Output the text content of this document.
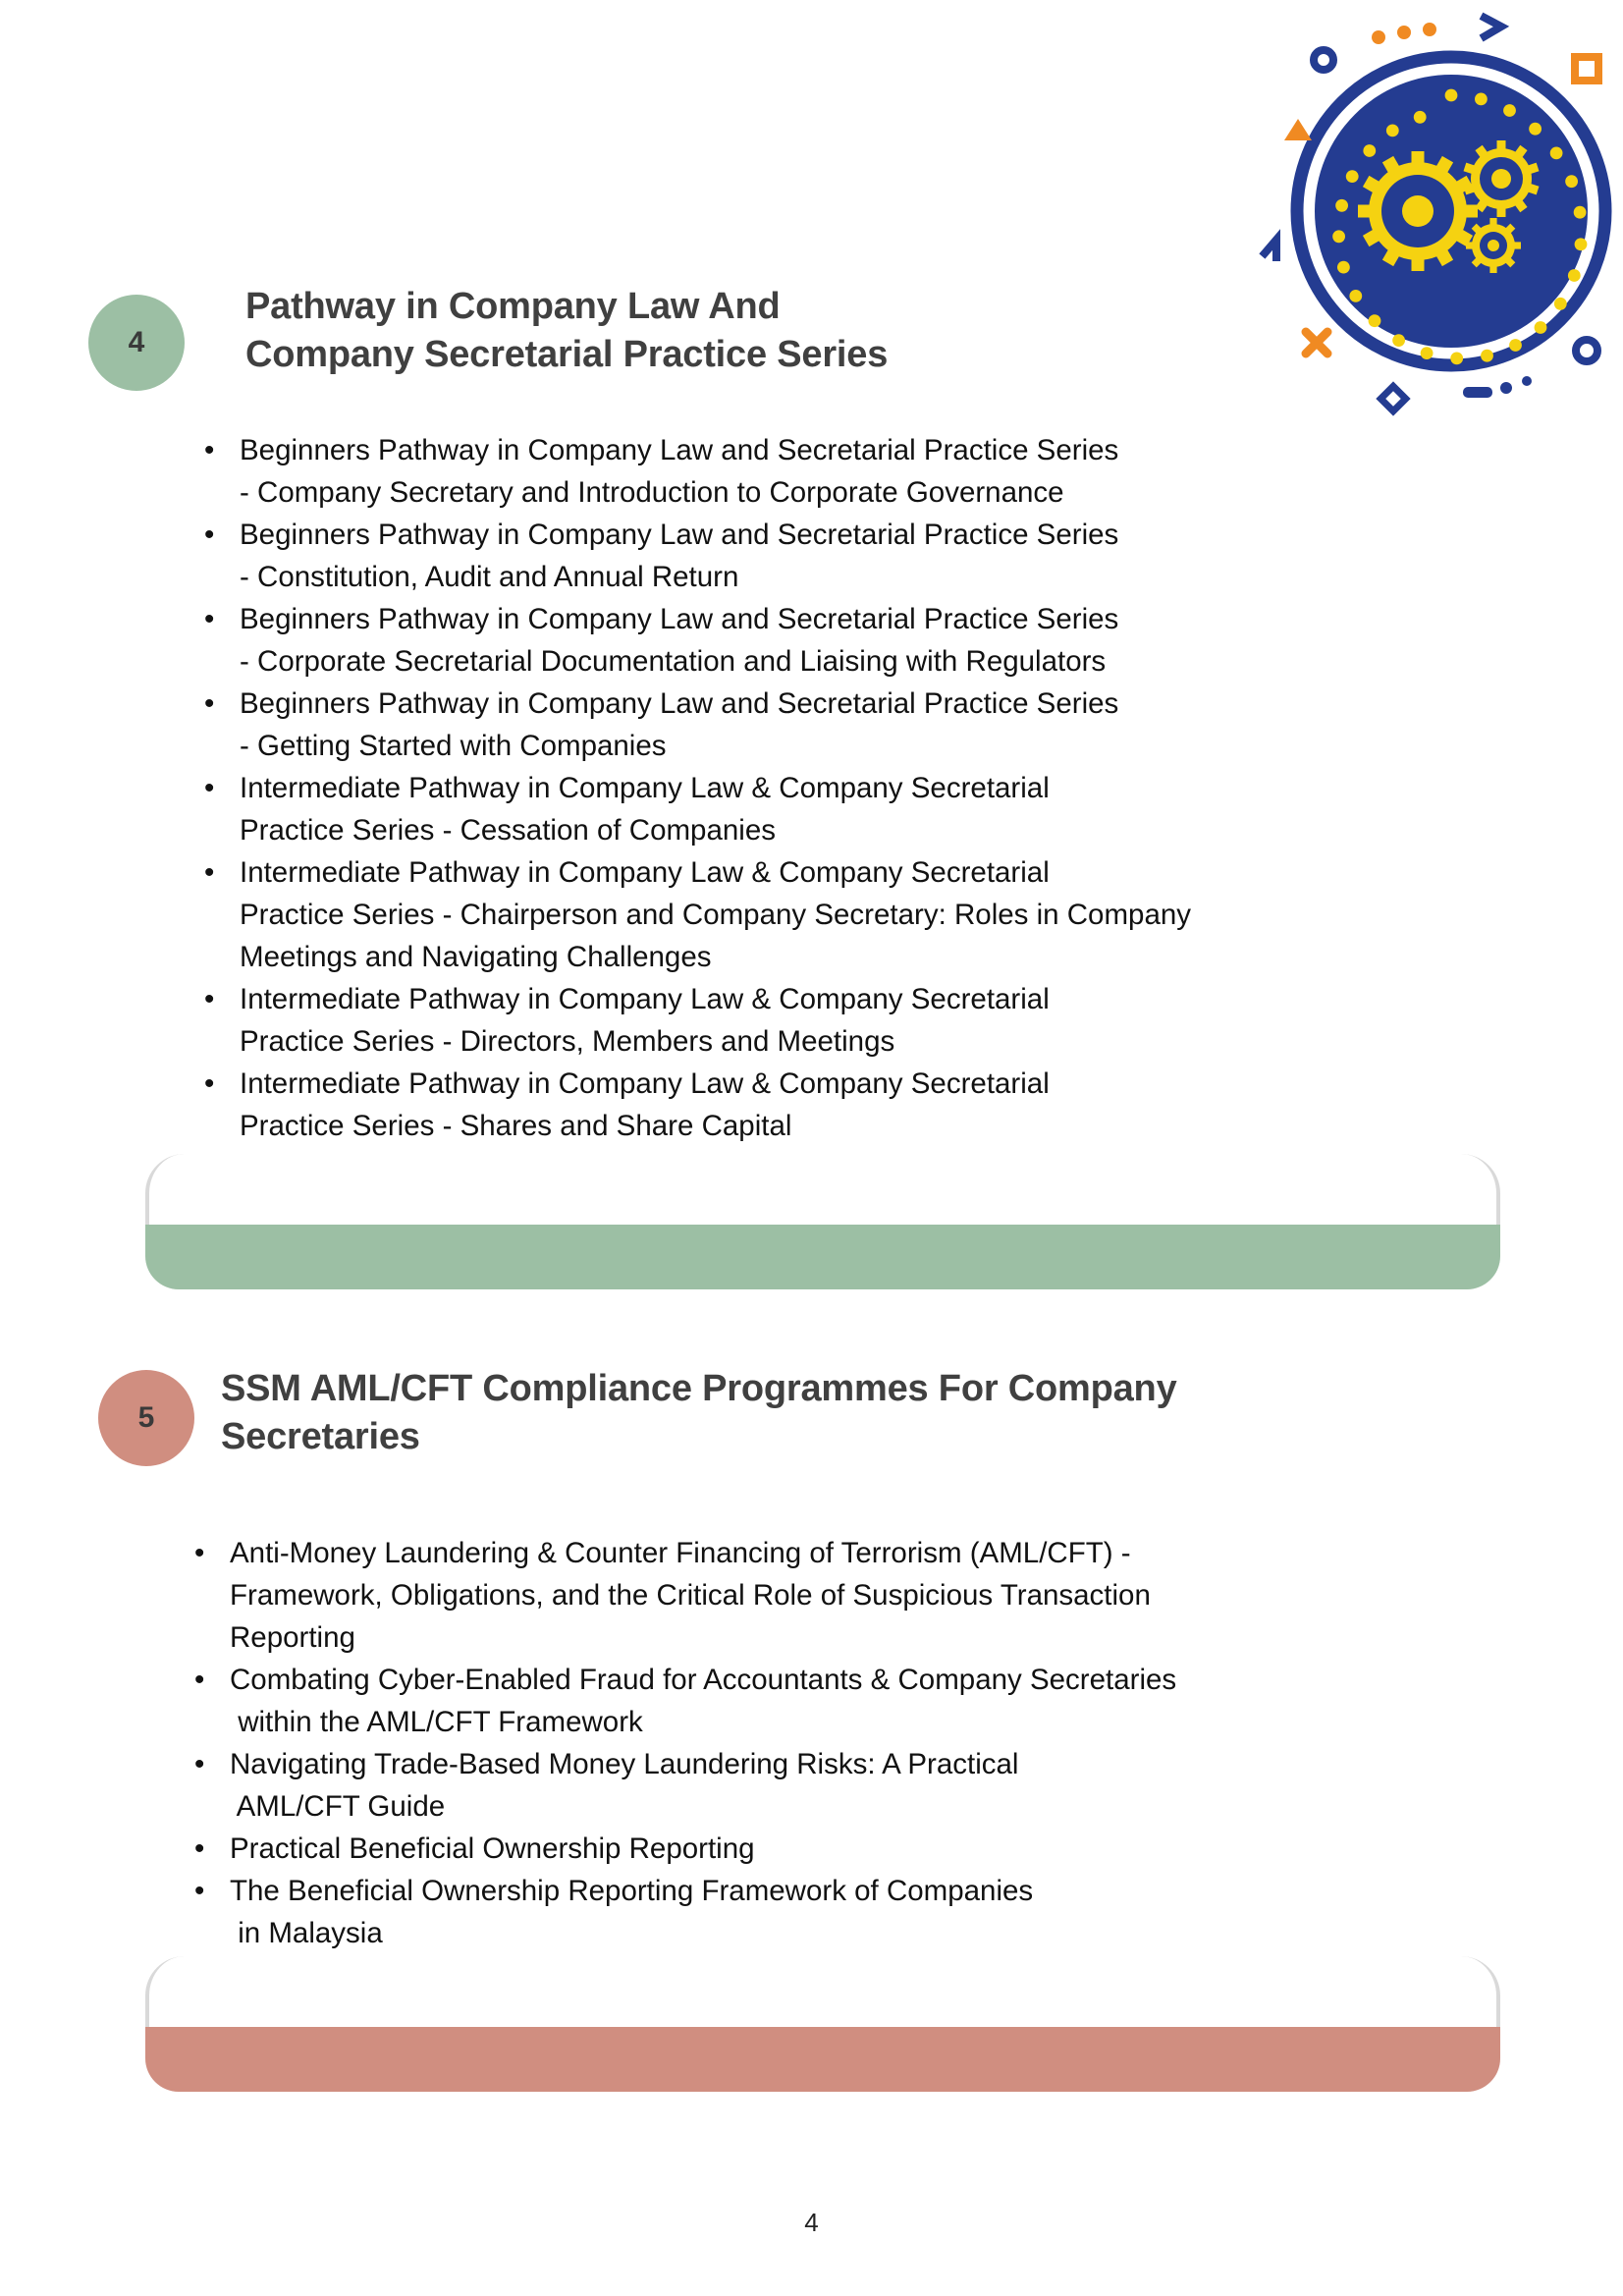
4
Pathway in Company Law And
Company Secretarial Practice Series
• Beginners Pathway in Company Law and Secretarial Practice Series
- Company Secretary and Introduction to Corporate Governance
• Beginners Pathway in Company Law and Secretarial Practice Series
- Constitution, Audit and Annual Return
• Beginners Pathway in Company Law and Secretarial Practice Series
- Corporate Secretarial Documentation and Liaising with Regulators
• Beginners Pathway in Company Law and Secretarial Practice Series
- Getting Started with Companies
• Intermediate Pathway in Company Law & Company Secretarial
Practice Series - Cessation of Companies
• Intermediate Pathway in Company Law & Company Secretarial
Practice Series - Chairperson and Company Secretary: Roles in Company
Meetings and Navigating Challenges
• Intermediate Pathway in Company Law & Company Secretarial
Practice Series - Directors, Members and Meetings
• Intermediate Pathway in Company Law & Company Secretarial
Practice Series - Shares and Share Capital
5
SSM AML/CFT Compliance Programmes For Company
Secretaries
• Anti-Money Laundering & Counter Financing of Terrorism (AML/CFT) -
Framework, Obligations, and the Critical Role of Suspicious Transaction
Reporting
• Combating Cyber-Enabled Fraud for Accountants & Company Secretaries
within the AML/CFT Framework
• Navigating Trade-Based Money Laundering Risks: A Practical
AML/CFT Guide
• Practical Beneficial Ownership Reporting
• The Beneficial Ownership Reporting Framework of Companies
in Malaysia
4
